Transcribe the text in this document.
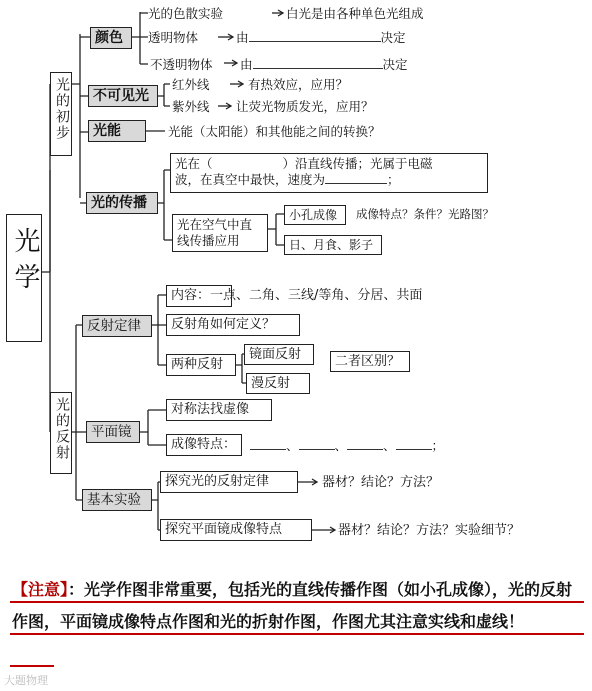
光学
光的初步
颜色
光的色散实验	白光是由各种单色光组成
透明物体	由	决定
不透明物体 由	决定
不可见光
红外线	有热效应，应用？
紫外线 让荧光物质发光，应用？
光能	光能（太阳能）和其他能之间的转换？
光的传播
光在（	）沿直线传播；光属于电磁
波，在真空中最快，速度为	；
光在空气中直线传播应用
小孔成像	成像特点？条件？光路图？
日、月食、影子
光的反射
反射定律
内容：一点、二角、三线/等角、分居、共面
反射角如何定义？
两种反射
镜面反射
漫反射
二者区别？
平面镜
对称法找虚像
成像特点：	、	、	、	；
基本实验
探究光的反射定律	器材？结论？方法？
探究平面镜成像特点	器材？结论？方法？实验细节？
【注意】：光学作图非常重要，包括光的直线传播作图（如小孔成像），光的反射作图，平面镜成像特点作图和光的折射作图，作图尤其注意实线和虚线！
大题物理
